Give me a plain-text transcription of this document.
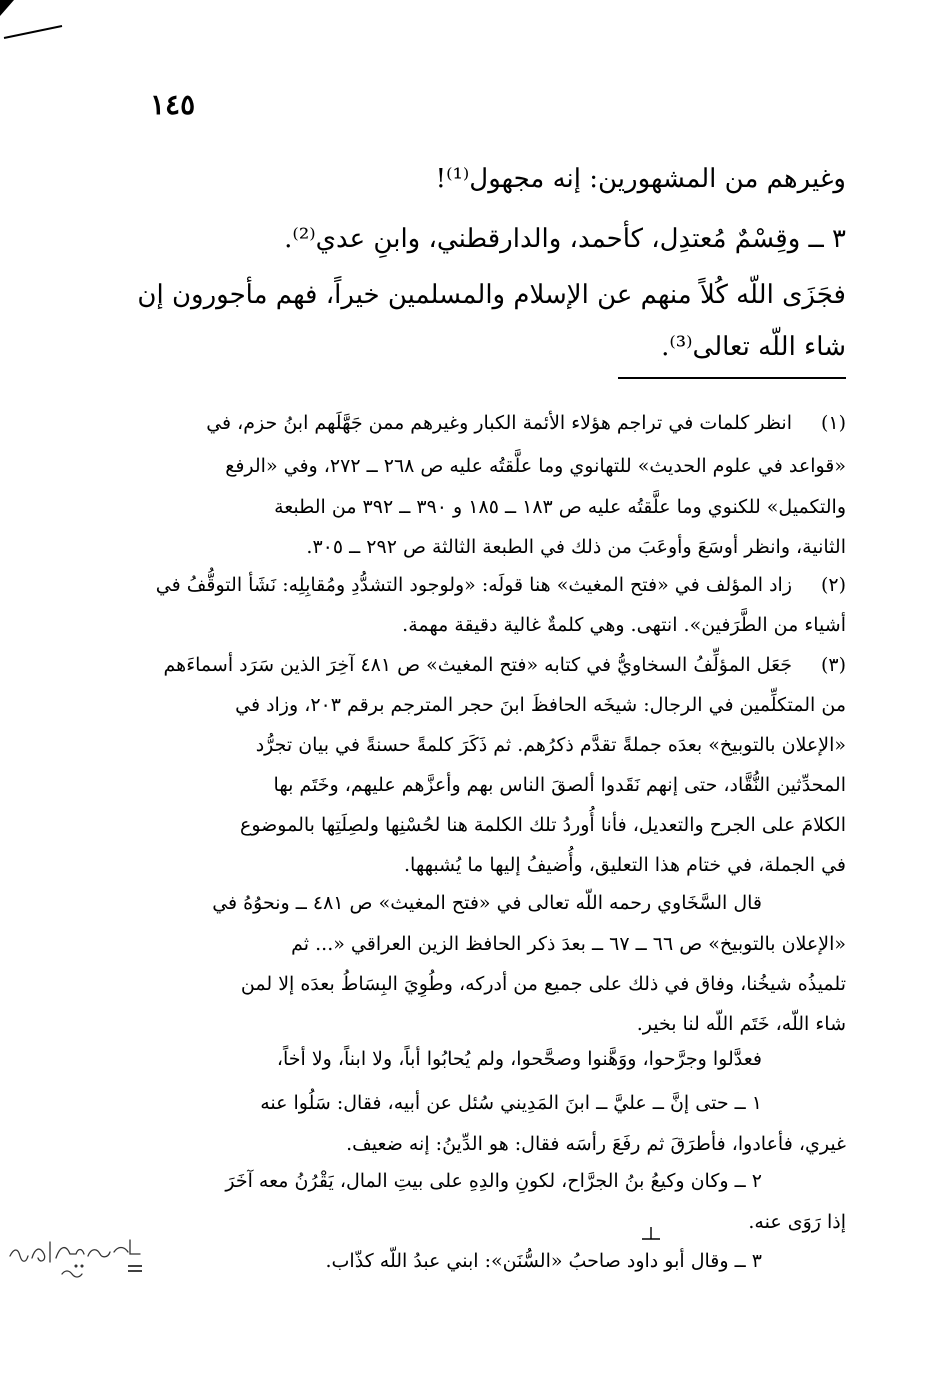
١٤٥
وغيرهم من المشهورين: إنه مجهول⁽¹⁾!
٣ ــ وقِسْمٌ مُعتدِل، كأحمد، والدارقطني، وابنِ عدي⁽²⁾.
فجَزَى اللّه كُلاً منهم عن الإسلام والمسلمين خيراً، فهم مأجورون إن
شاء اللّه تعالى⁽³⁾.
(١)
انظر كلمات في تراجم هؤلاء الأئمة الكبار وغيرهم ممن جَهَّلَهم ابنُ حزم، في
«قواعد في علوم الحديث» للتهانوي وما علَّقتُه عليه ص ٢٦٨ ــ ٢٧٢، وفي «الرفع
والتكميل» للكنوي وما علَّقتُه عليه ص ١٨٣ ــ ١٨٥ و ٣٩٠ ــ ٣٩٢ من الطبعة
الثانية، وانظر أوسَعَ وأوعَبَ من ذلك في الطبعة الثالثة ص ٢٩٢ ــ ٣٠٥.
(٢)
زاد المؤلف في «فتح المغيث» هنا قولَه: «ولوجود التشدُّدِ ومُقابِلِه: نَشَأ التوقُّفُ في
أشياء من الطَّرَفين». انتهى. وهي كلمةٌ غالية دقيقة مهمة.
(٣)
جَعَل المؤلِّفُ السخاويُّ في كتابه «فتح المغيث» ص ٤٨١ آخِرَ الذين سَرَد أسماءَهم
من المتكلِّمين في الرجال: شيخَه الحافظَ ابنَ حجر المترجم برقم ٢٠٣، وزاد في
«الإعلان بالتوبيخ» بعدَه جملةً تقدَّم ذكرُهم. ثم ذَكَرَ كلمةً حسنةً في بيان تجرُّد
المحدِّثين النُّقَّاد، حتى إنهم نَقَدوا ألصقَ الناس بهم وأعزَّهم عليهم، وخَتَم بها
الكلامَ على الجرح والتعديل، فأنا أُوردُ تلك الكلمة هنا لحُسْنِها ولصِلَتِها بالموضوع
في الجملة، في ختام هذا التعليق، وأُضيفُ إليها ما يُشبهها.
قال السَّخَاوي رحمه اللّه تعالى في «فتح المغيث» ص ٤٨١ ــ ونحوُهُ في
«الإعلان بالتوبيخ» ص ٦٦ ــ ٦٧ ــ بعدَ ذكر الحافظ الزين العراقي «... ثم
تلميذُه شيخُنا، وفاق في ذلك على جميع من أدركه، وطُوِيَ البِسَاطُ بعدَه إلا لمن
شاء اللّه، خَتَم اللّه لنا بخير.
فعدَّلوا وجرَّحوا، ووَهَّنوا وصحَّحوا، ولم يُحابُوا أباً، ولا ابناً، ولا أخاً،
١ ــ حتى إنَّ ــ عليَّ ــ ابنَ المَدِيني سُئل عن أبيه، فقال: سَلُوا عنه
غيري، فأعادوا، فأطرَقَ ثم رفَعَ رأسَه فقال: هو الدِّينُ: إنه ضعيف.
٢ ــ وكان وكيعُ بنُ الجرَّاح، لكونِ والدِهِ على بيتِ المال، يَقْرُنُ معه آخَرَ
إذا رَوَى عنه.
٣ ــ وقال أبو داود صاحبُ «السُّنَن»: ابني عبدُ اللّه كذّاب.
